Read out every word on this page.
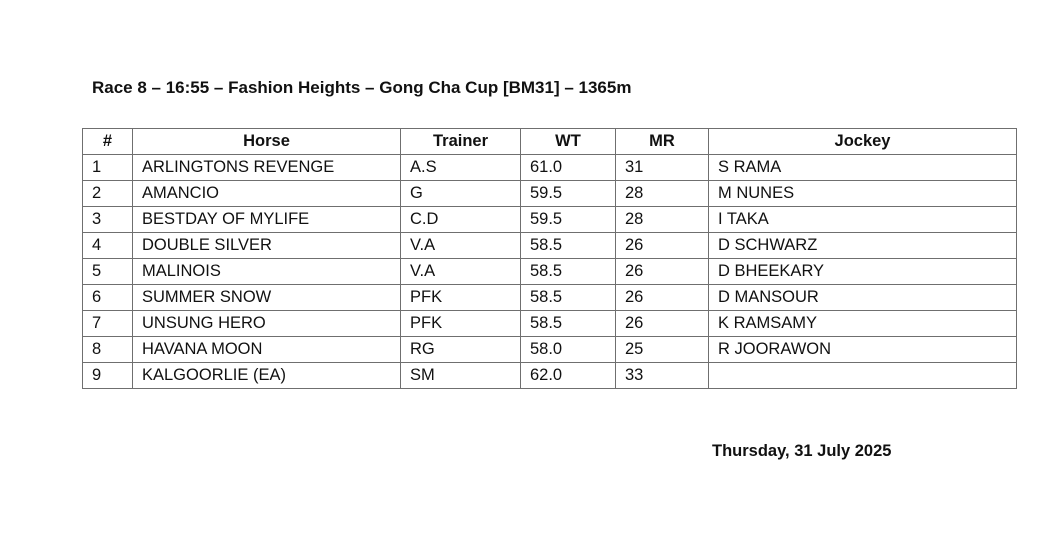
Race 8 – 16:55 – Fashion Heights – Gong Cha Cup [BM31] – 1365m
#	Horse	Trainer	WT	MR	Jockey
1	ARLINGTONS REVENGE	A.S	61.0	31	S RAMA
2	AMANCIO	G	59.5	28	M NUNES
3	BESTDAY OF MYLIFE	C.D	59.5	28	I TAKA
4	DOUBLE SILVER	V.A	58.5	26	D SCHWARZ
5	MALINOIS	V.A	58.5	26	D BHEEKARY
6	SUMMER SNOW	PFK	58.5	26	D MANSOUR
7	UNSUNG HERO	PFK	58.5	26	K RAMSAMY
8	HAVANA MOON	RG	58.0	25	R JOORAWON
9	KALGOORLIE (EA)	SM	62.0	33	
Thursday, 31 July 2025
